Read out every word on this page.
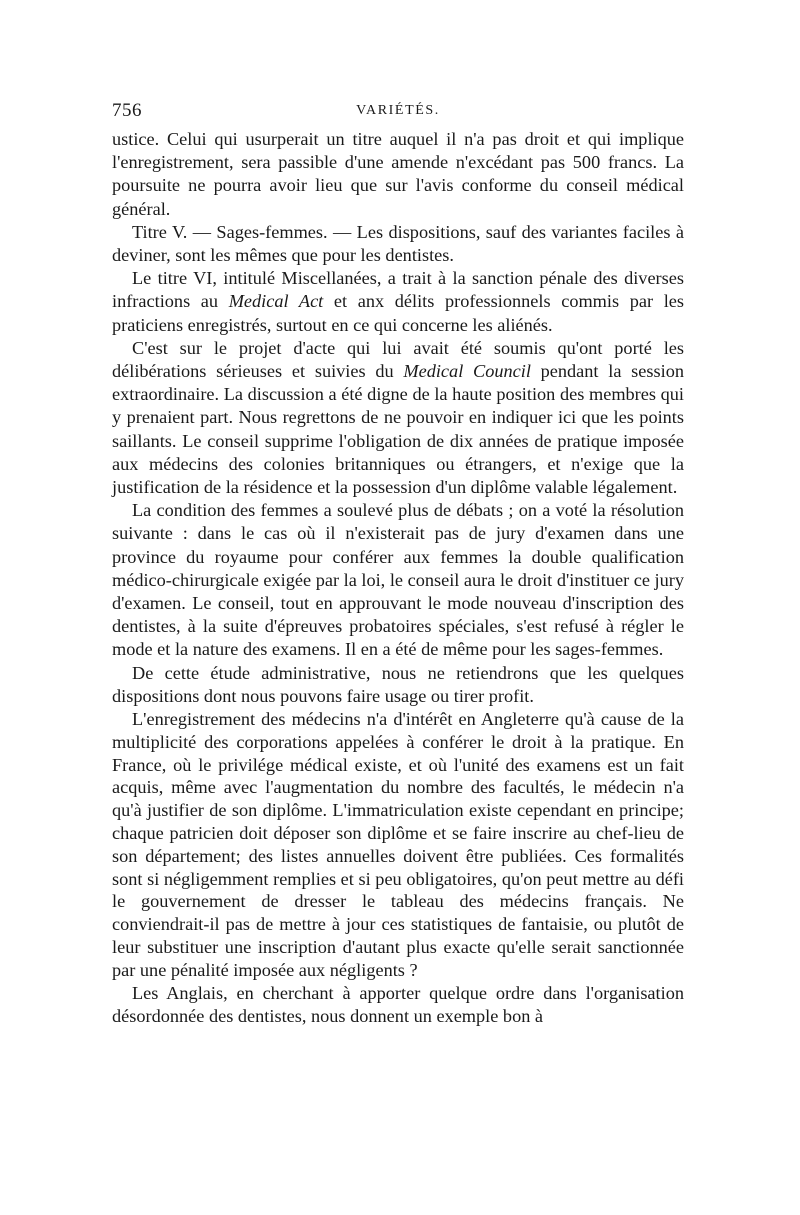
756	VARIÉTÉS.

ustice. Celui qui usurperait un titre auquel il n'a pas droit et qui implique l'enregistrement, sera passible d'une amende n'excédant pas 500 francs. La poursuite ne pourra avoir lieu que sur l'avis conforme du conseil médical général.

Titre V. — Sages-femmes. — Les dispositions, sauf des variantes faciles à deviner, sont les mêmes que pour les dentistes.

Le titre VI, intitulé Miscellanées, a trait à la sanction pénale des diverses infractions au Medical Act et anx délits professionnels commis par les praticiens enregistrés, surtout en ce qui concerne les aliénés.

C'est sur le projet d'acte qui lui avait été soumis qu'ont porté les délibérations sérieuses et suivies du Medical Council pendant la session extraordinaire. La discussion a été digne de la haute position des membres qui y prenaient part. Nous regrettons de ne pouvoir en indiquer ici que les points saillants. Le conseil supprime l'obligation de dix années de pratique imposée aux médecins des colonies britanniques ou étrangers, et n'exige que la justification de la résidence et la possession d'un diplôme valable légalement.

La condition des femmes a soulevé plus de débats ; on a voté la résolution suivante : dans le cas où il n'existerait pas de jury d'examen dans une province du royaume pour conférer aux femmes la double qualification médico-chirurgicale exigée par la loi, le conseil aura le droit d'instituer ce jury d'examen. Le conseil, tout en approuvant le mode nouveau d'inscription des dentistes, à la suite d'épreuves probatoires spéciales, s'est refusé à régler le mode et la nature des examens. Il en a été de même pour les sages-femmes.

De cette étude administrative, nous ne retiendrons que les quelques dispositions dont nous pouvons faire usage ou tirer profit.

L'enregistrement des médecins n'a d'intérêt en Angleterre qu'à cause de la multiplicité des corporations appelées à conférer le droit à la pratique. En France, où le privilége médical existe, et où l'unité des examens est un fait acquis, même avec l'augmentation du nombre des facultés, le médecin n'a qu'à justifier de son diplôme. L'immatriculation existe cependant en principe; chaque patricien doit déposer son diplôme et se faire inscrire au chef-lieu de son département; des listes annuelles doivent être publiées. Ces formalités sont si négligemment remplies et si peu obligatoires, qu'on peut mettre au défi le gouvernement de dresser le tableau des médecins français. Ne conviendrait-il pas de mettre à jour ces statistiques de fantaisie, ou plutôt de leur substituer une inscription d'autant plus exacte qu'elle serait sanctionnée par une pénalité imposée aux négligents ?

Les Anglais, en cherchant à apporter quelque ordre dans l'organisation désordonnée des dentistes, nous donnent un exemple bon à
